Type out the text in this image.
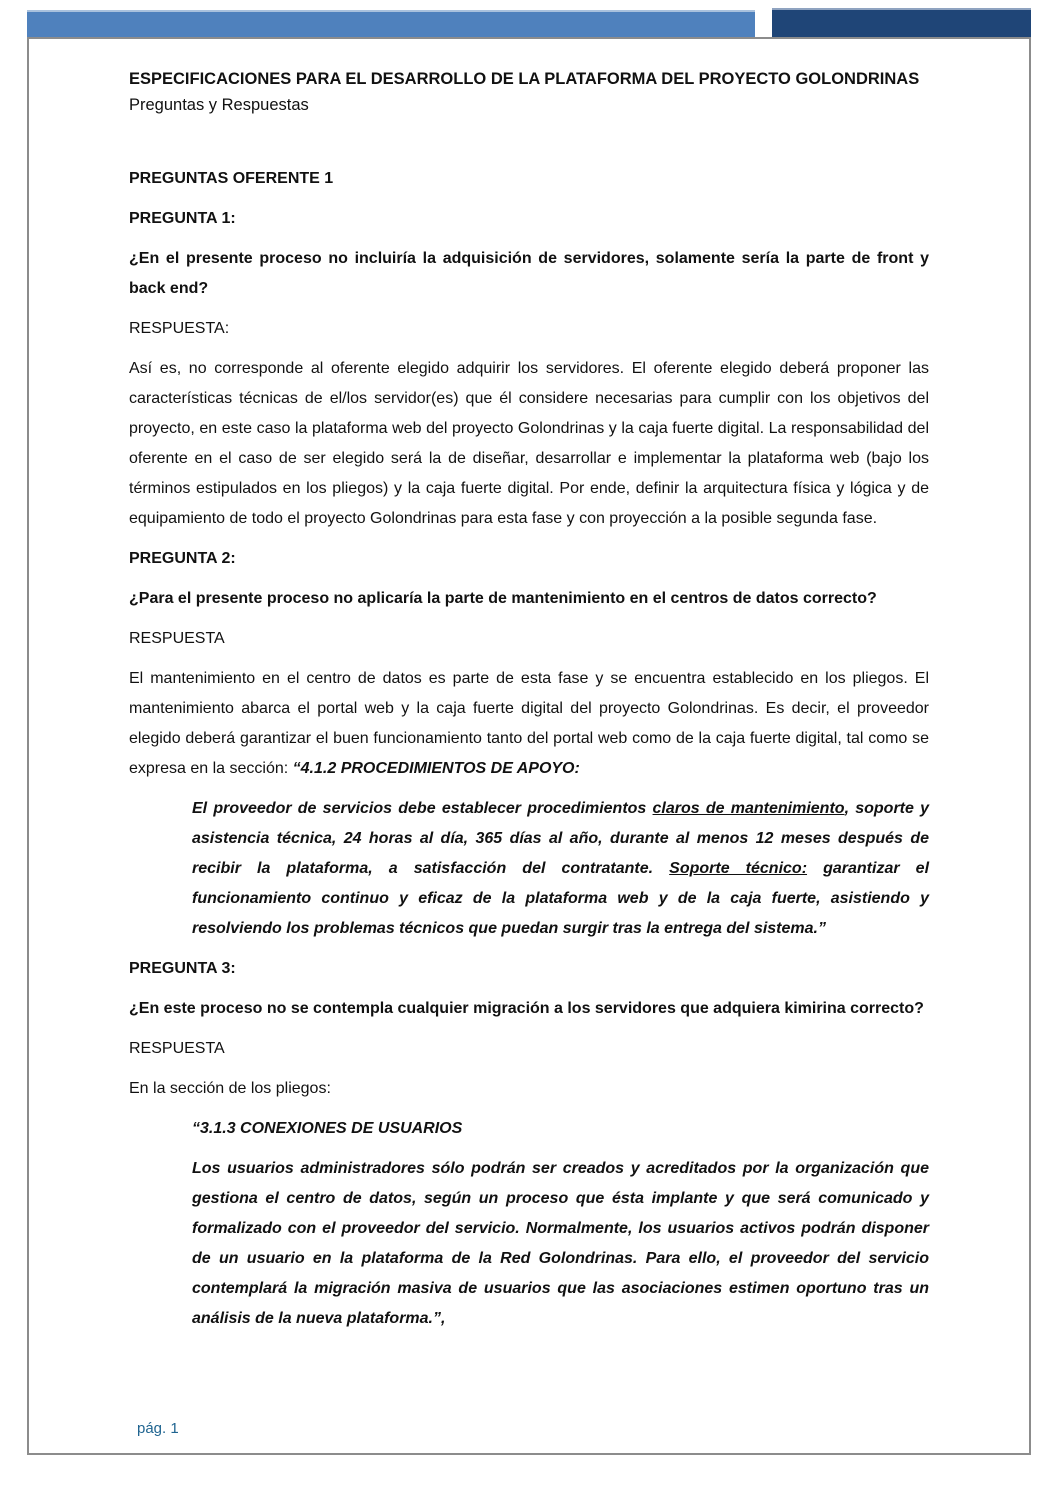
ESPECIFICACIONES PARA EL DESARROLLO DE LA PLATAFORMA DEL PROYECTO GOLONDRINAS

Preguntas y Respuestas

PREGUNTAS OFERENTE 1

PREGUNTA 1:

¿En el presente proceso no incluiría la adquisición de servidores, solamente sería la parte de front y back end?

RESPUESTA:

Así es, no corresponde al oferente elegido adquirir los servidores. El oferente elegido deberá proponer las características técnicas de el/los servidor(es) que él considere necesarias para cumplir con los objetivos del proyecto, en este caso la plataforma web del proyecto Golondrinas y la caja fuerte digital. La responsabilidad del oferente en el caso de ser elegido será la de diseñar, desarrollar e implementar la plataforma web (bajo los términos estipulados en los pliegos) y la caja fuerte digital. Por ende, definir la arquitectura física y lógica y de equipamiento de todo el proyecto Golondrinas para esta fase y con proyección a la posible segunda fase.

PREGUNTA 2:

¿Para el presente proceso no aplicaría la parte de mantenimiento en el centros de datos correcto?

RESPUESTA

El mantenimiento en el centro de datos es parte de esta fase y se encuentra establecido en los pliegos. El mantenimiento abarca el portal web y la caja fuerte digital del proyecto Golondrinas. Es decir, el proveedor elegido deberá garantizar el buen funcionamiento tanto del portal web como de la caja fuerte digital, tal como se expresa en la sección: “4.1.2 PROCEDIMIENTOS DE APOYO:

El proveedor de servicios debe establecer procedimientos claros de mantenimiento, soporte y asistencia técnica, 24 horas al día, 365 días al año, durante al menos 12 meses después de recibir la plataforma, a satisfacción del contratante. Soporte técnico: garantizar el funcionamiento continuo y eficaz de la plataforma web y de la caja fuerte, asistiendo y resolviendo los problemas técnicos que puedan surgir tras la entrega del sistema.”

PREGUNTA 3:

¿En este proceso no se contempla cualquier migración a los servidores que adquiera kimirina correcto?

RESPUESTA

En la sección de los pliegos:

“3.1.3 CONEXIONES DE USUARIOS

Los usuarios administradores sólo podrán ser creados y acreditados por la organización que gestiona el centro de datos, según un proceso que ésta implante y que será comunicado y formalizado con el proveedor del servicio. Normalmente, los usuarios activos podrán disponer de un usuario en la plataforma de la Red Golondrinas. Para ello, el proveedor del servicio contemplará la migración masiva de usuarios que las asociaciones estimen oportuno tras un análisis de la nueva plataforma.”,

pág. 1
